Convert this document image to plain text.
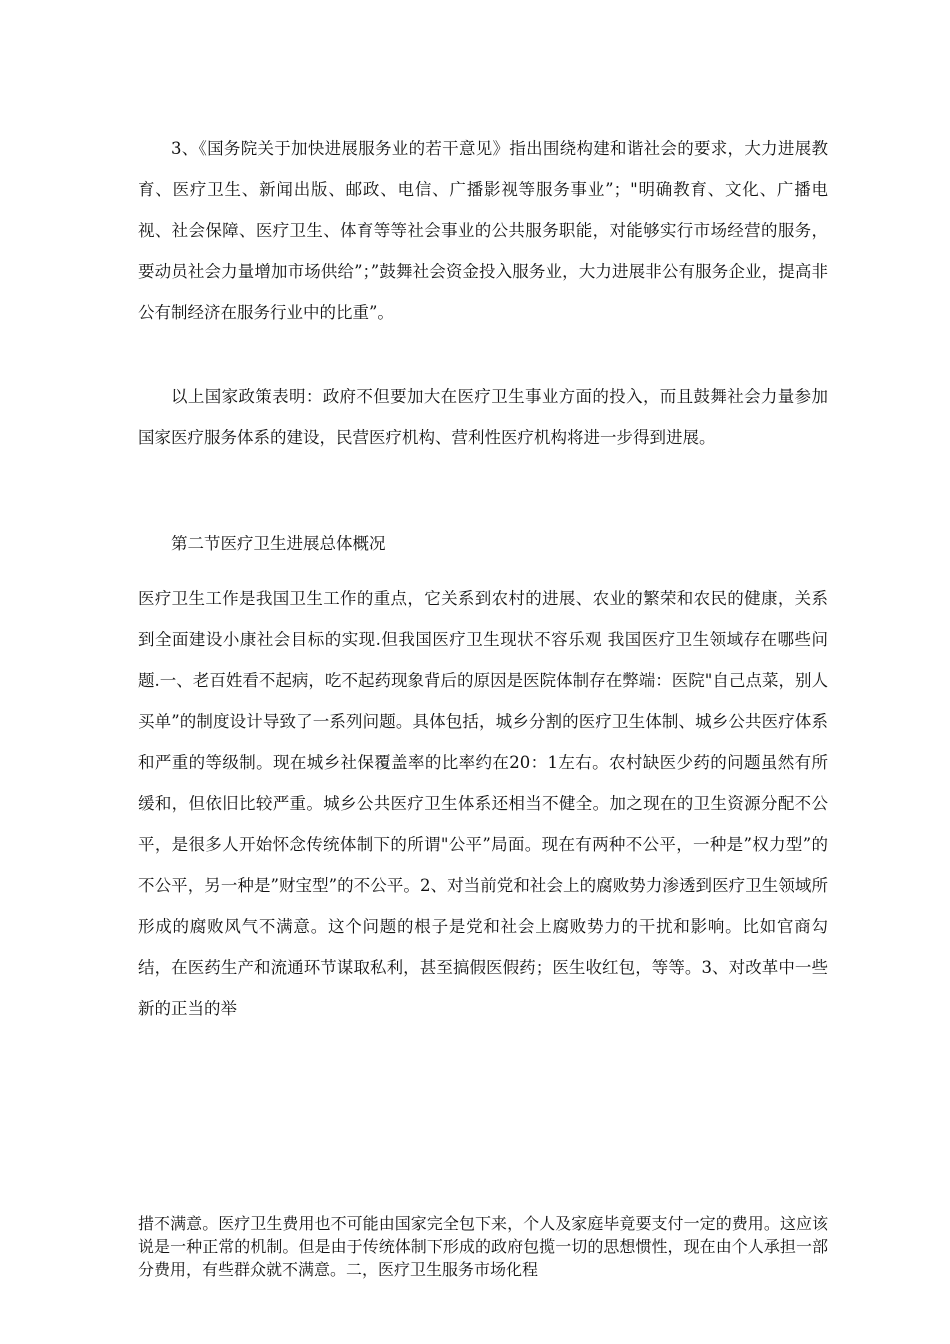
3、《国务院关于加快进展服务业的若干意见》指出围绕构建和谐社会的要求，大力进展教育、医疗卫生、新闻出版、邮政、电信、广播影视等服务事业”；"明确教育、文化、广播电视、社会保障、医疗卫生、体育等等社会事业的公共服务职能，对能够实行市场经营的服务，要动员社会力量增加市场供给”；”鼓舞社会资金投入服务业，大力进展非公有服务企业，提高非公有制经济在服务行业中的比重”。

以上国家政策表明：政府不但要加大在医疗卫生事业方面的投入，而且鼓舞社会力量参加国家医疗服务体系的建设，民营医疗机构、营利性医疗机构将进一步得到进展。

第二节医疗卫生进展总体概况

医疗卫生工作是我国卫生工作的重点，它关系到农村的进展、农业的繁荣和农民的健康，关系到全面建设小康社会目标的实现.但我国医疗卫生现状不容乐观 我国医疗卫生领域存在哪些问题.一、老百姓看不起病，吃不起药现象背后的原因是医院体制存在弊端：医院"自己点菜，别人买单”的制度设计导致了一系列问题。具体包括，城乡分割的医疗卫生体制、城乡公共医疗体系和严重的等级制。现在城乡社保覆盖率的比率约在20：1左右。农村缺医少药的问题虽然有所缓和，但依旧比较严重。城乡公共医疗卫生体系还相当不健全。加之现在的卫生资源分配不公平，是很多人开始怀念传统体制下的所谓"公平”局面。现在有两种不公平，一种是”权力型”的不公平，另一种是”财宝型”的不公平。2、对当前党和社会上的腐败势力渗透到医疗卫生领域所形成的腐败风气不满意。这个问题的根子是党和社会上腐败势力的干扰和影响。比如官商勾结，在医药生产和流通环节谋取私利，甚至搞假医假药；医生收红包，等等。3、对改革中一些新的正当的举

措不满意。医疗卫生费用也不可能由国家完全包下来，个人及家庭毕竟要支付一定的费用。这应该说是一种正常的机制。但是由于传统体制下形成的政府包揽一切的思想惯性，现在由个人承担一部分费用，有些群众就不满意。二，医疗卫生服务市场化程
